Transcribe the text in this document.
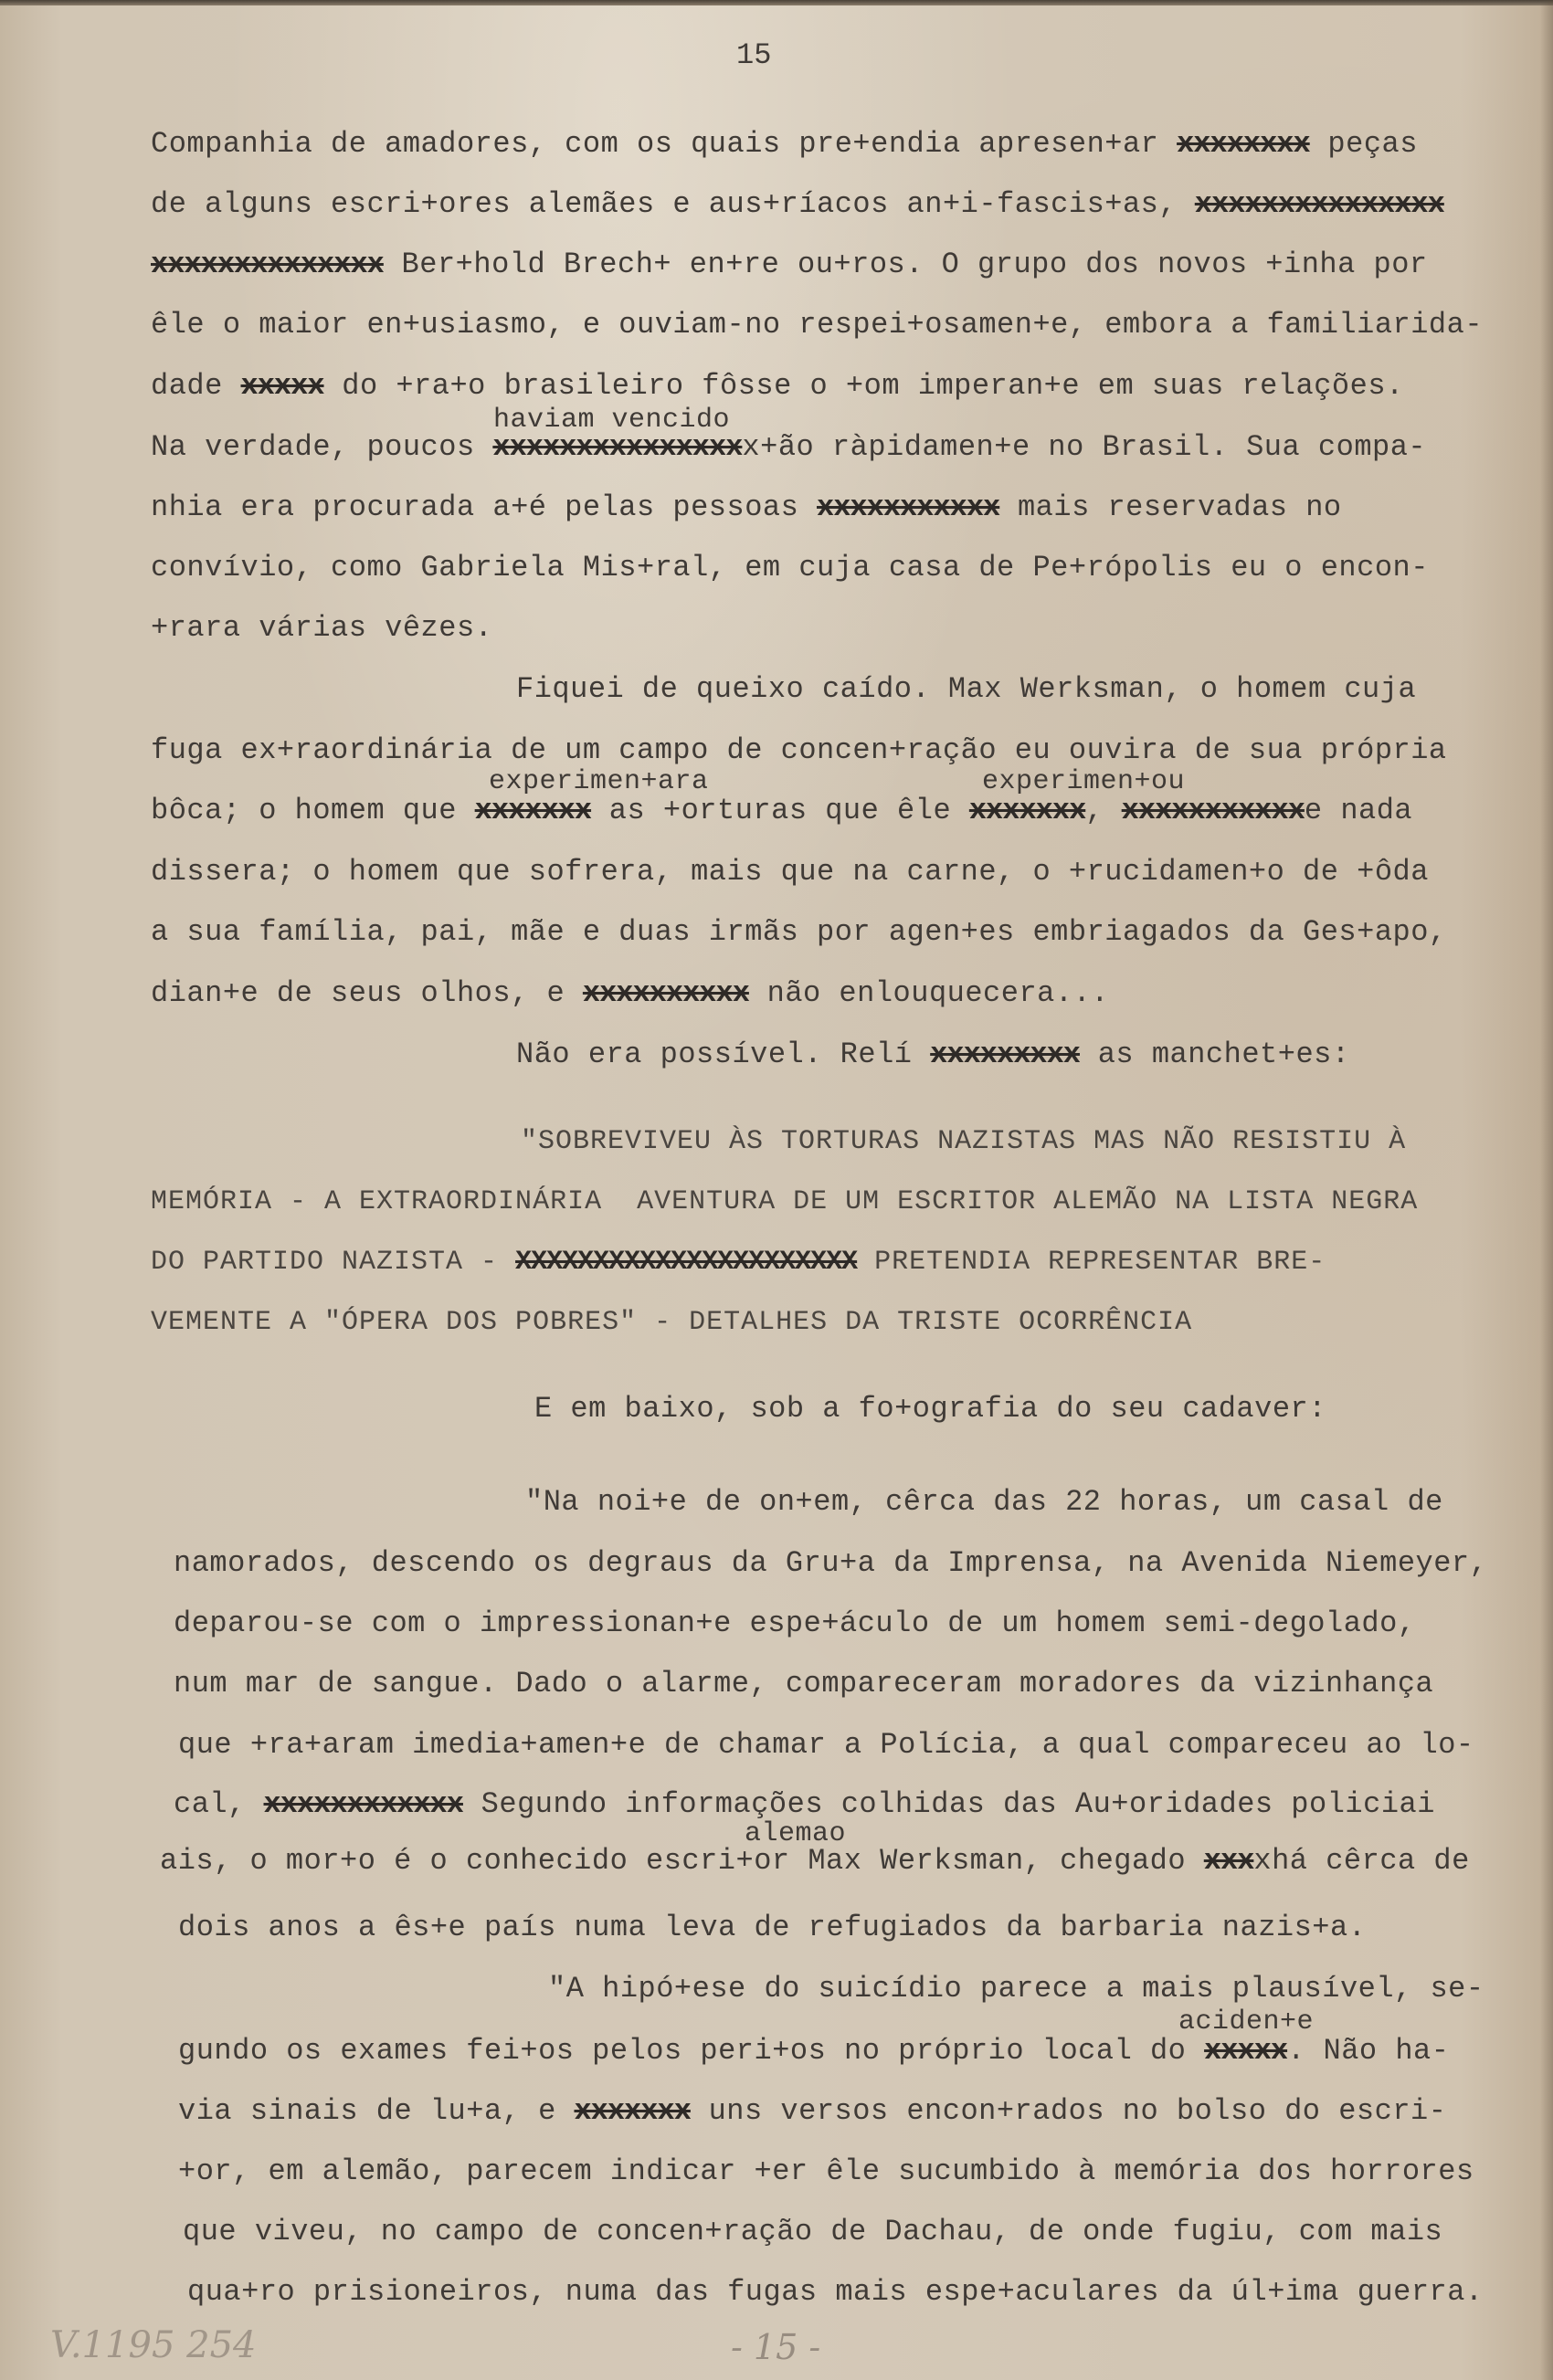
15
Companhia de amadores, com os quais pre+endia apresen+ar xxxxxxxx peças
de alguns escri+ores alemães e aus+ríacos an+i-fascis+as, xxxxxxxxxxxxxxx
xxxxxxxxxxxxxx Ber+hold Brech+ en+re ou+ros. O grupo dos novos +inha por
êle o maior en+usiasmo, e ouviam-no respei+osamen+e, embora a familiarida-
dade xxxxx do +ra+o brasileiro fôsse o +om imperan+e em suas relações.
Na verdade, poucos xxxxxxxxxxxxxxxx+ão ràpidamen+e no Brasil. Sua compa-
haviam vencido
nhia era procurada a+é pelas pessoas xxxxxxxxxxx mais reservadas no
convívio, como Gabriela Mis+ral, em cuja casa de Pe+rópolis eu o encon-
+rara várias vêzes.
Fiquei de queixo caído. Max Werksman, o homem cuja
fuga ex+raordinária de um campo de concen+ração eu ouvira de sua própria
bôca; o homem que xxxxxxx as +orturas que êle xxxxxxx, xxxxxxxxxxxe nada
experimen+ara	experimen+ou
dissera; o homem que sofrera, mais que na carne, o +rucidamen+o de +ôda
a sua família, pai, mãe e duas irmãs por agen+es embriagados da Ges+apo,
dian+e de seus olhos, e xxxxxxxxxx não enlouquecera...
Não era possível. Relí xxxxxxxxx as manchet+es:
"SOBREVIVEU ÀS TORTURAS NAZISTAS MAS NÃO RESISTIU À
MEMÓRIA - A EXTRAORDINÁRIA  AVENTURA DE UM ESCRITOR ALEMÃO NA LISTA NEGRA
DO PARTIDO NAZISTA - XXXXXXXXXXXXXXXXXXXXXX PRETENDIA REPRESENTAR BRE-
VEMENTE A "ÓPERA DOS POBRES" - DETALHES DA TRISTE OCORRÊNCIA
E em baixo, sob a fo+ografia do seu cadaver:
"Na noi+e de on+em, cêrca das 22 horas, um casal de
namorados, descendo os degraus da Gru+a da Imprensa, na Avenida Niemeyer,
deparou-se com o impressionan+e espe+áculo de um homem semi-degolado,
num mar de sangue. Dado o alarme, compareceram moradores da vizinhança
que +ra+aram imedia+amen+e de chamar a Polícia, a qual compareceu ao lo-
cal, xxxxxxxxxxxx Segundo informações colhidas das Au+oridades policiai
ais, o mor+o é o conhecido escri+or Max Werksman, chegado xxxxhá cêrca de
alemao
dois anos a ês+e país numa leva de refugiados da barbaria nazis+a.
"A hipó+ese do suicídio parece a mais plausível, se-
gundo os exames fei+os pelos peri+os no próprio local do xxxxx. Não ha-
aciden+e
via sinais de lu+a, e xxxxxxx uns versos encon+rados no bolso do escri-
+or, em alemão, parecem indicar +er êle sucumbido à memória dos horrores
que viveu, no campo de concen+ração de Dachau, de onde fugiu, com mais
qua+ro prisioneiros, numa das fugas mais espe+aculares da úl+ima guerra.
- 15 -
V.1195 254
